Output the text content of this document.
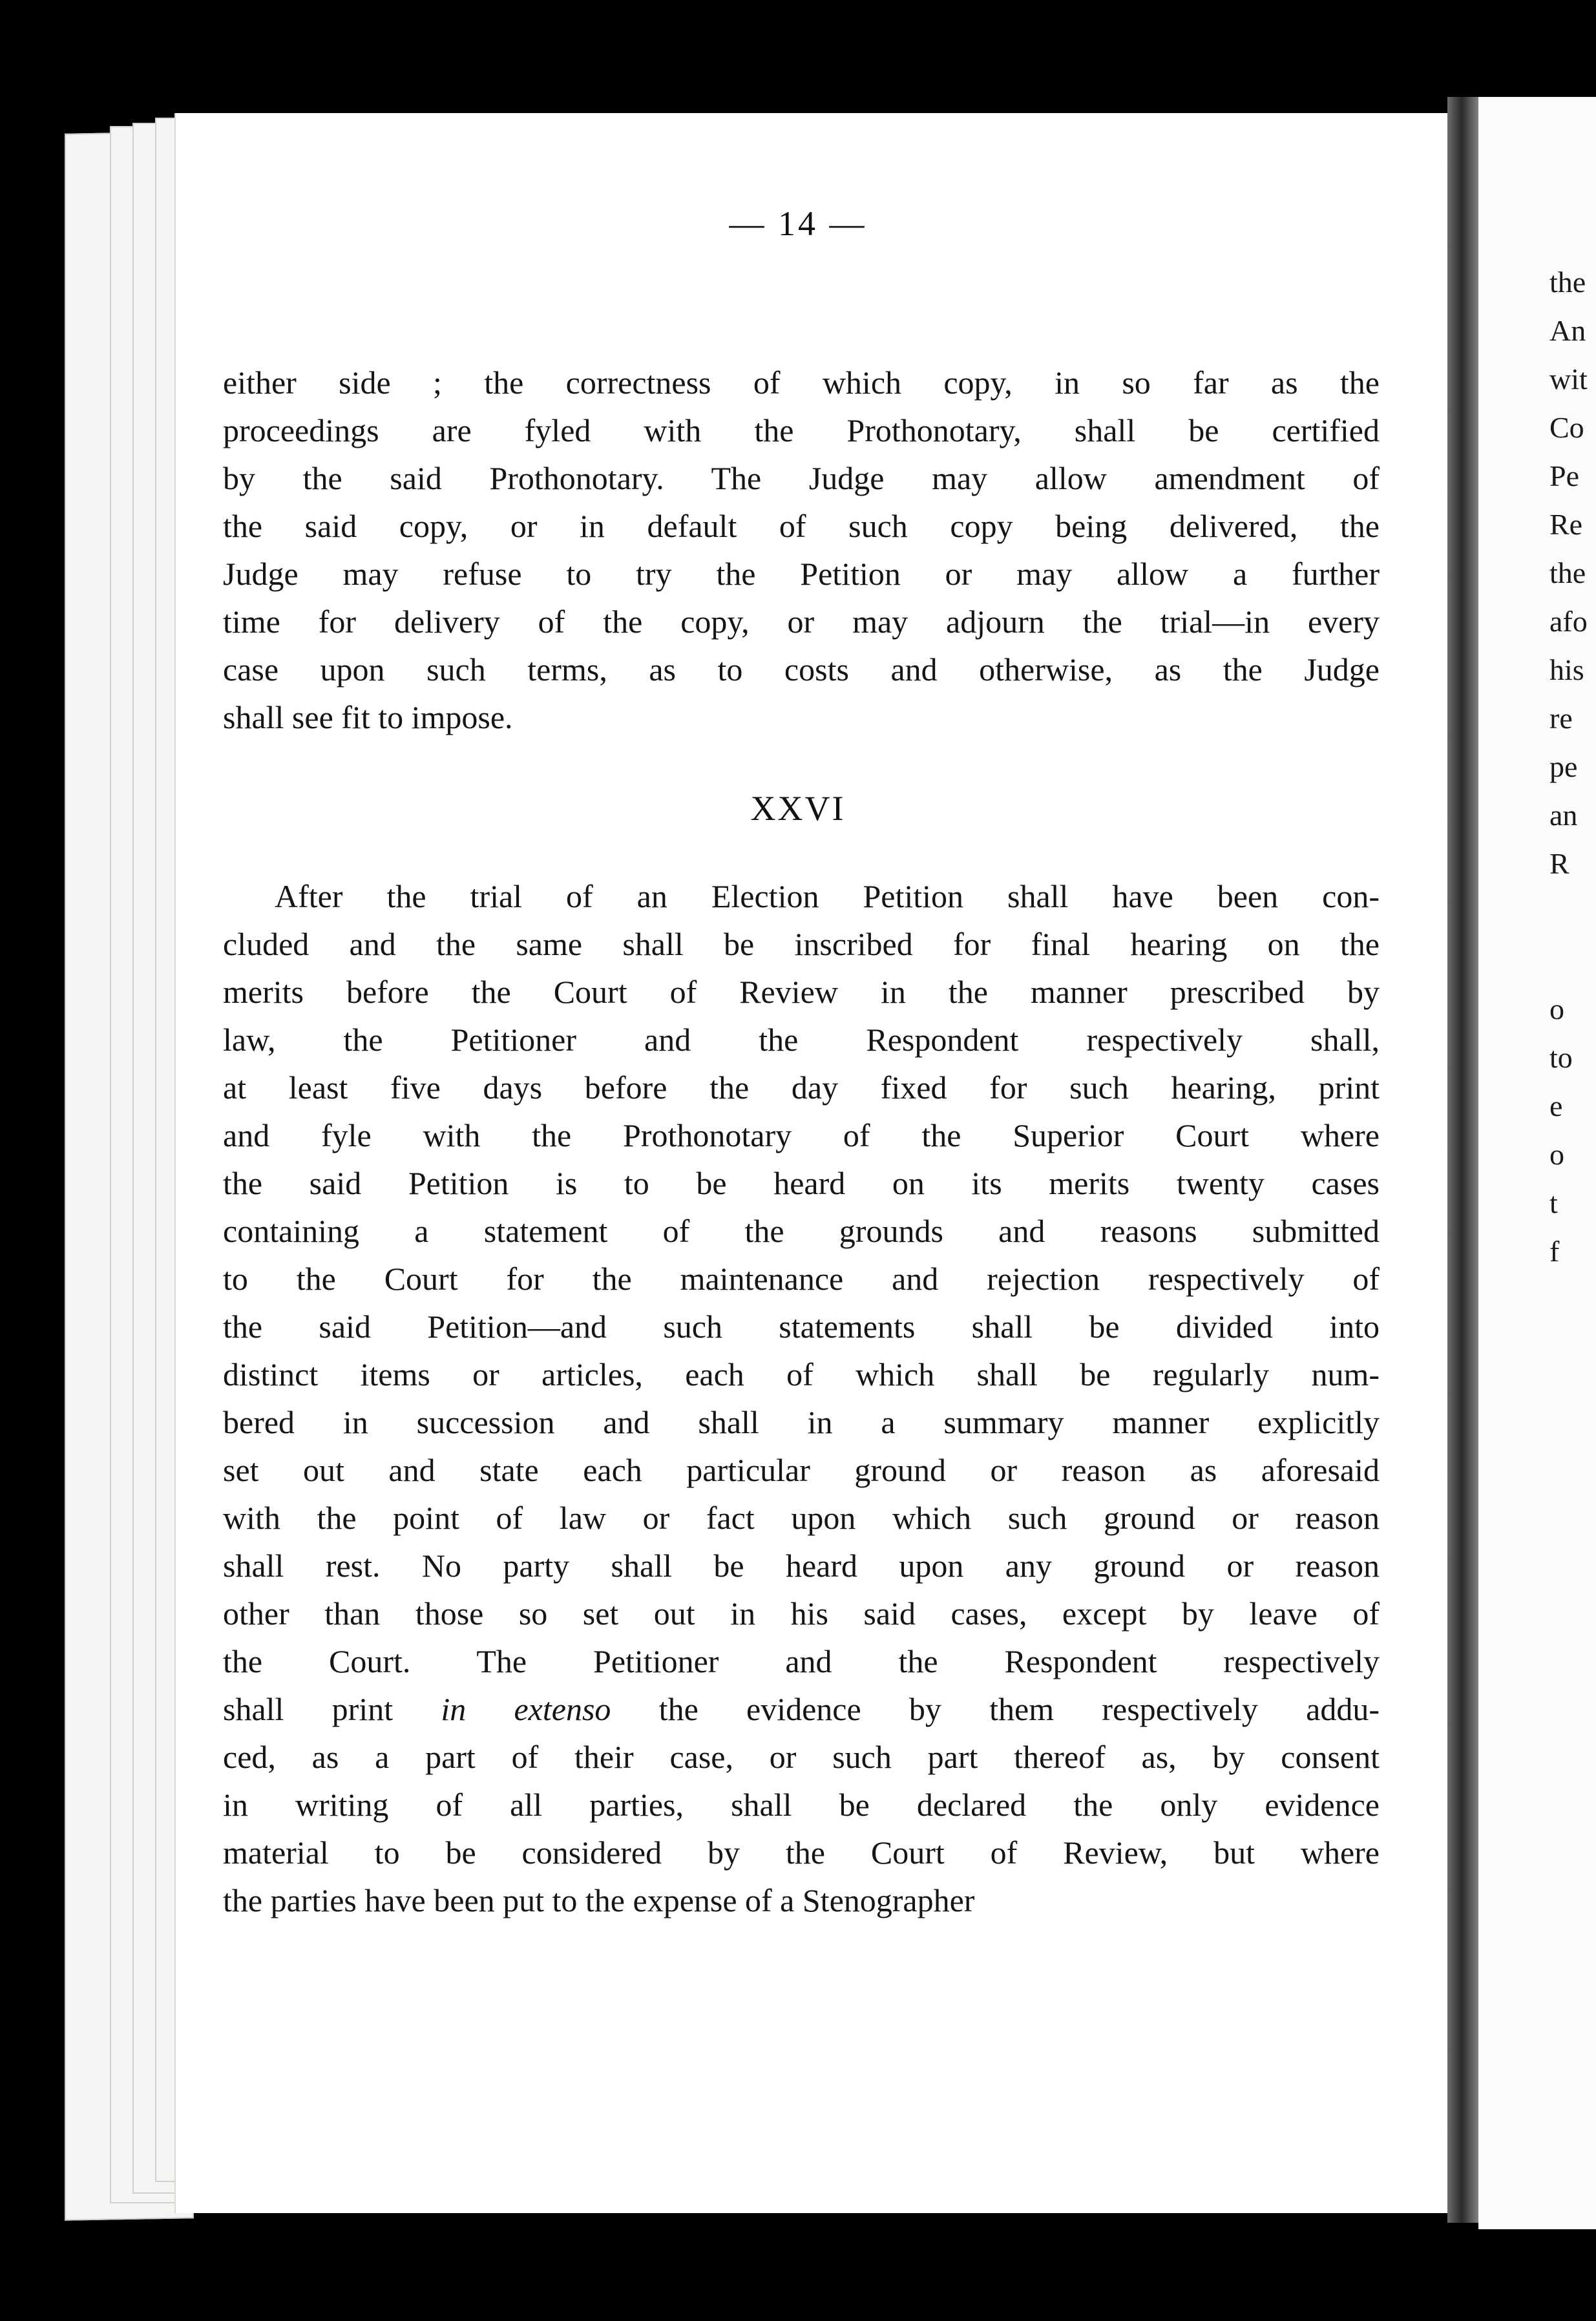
the
An
wit
Co
Pe
Re
the
afo
his
re
pe
an
R
o
to
e
o
t
f
— 14 —
either side ; the correctness of which copy, in so far as the
proceedings are fyled with the Prothonotary, shall be certified
by the said Prothonotary. The Judge may allow amendment of
the said copy, or in default of such copy being delivered, the
Judge may refuse to try the Petition or may allow a further
time for delivery of the copy, or may adjourn the trial—in every
case upon such terms, as to costs and otherwise, as the Judge
shall see fit to impose.
XXVI
After the trial of an Election Petition shall have been con-
cluded and the same shall be inscribed for final hearing on the
merits before the Court of Review in the manner prescribed by
law, the Petitioner and the Respondent respectively shall,
at least five days before the day fixed for such hearing, print
and fyle with the Prothonotary of the Superior Court where
the said Petition is to be heard on its merits twenty cases
containing a statement of the grounds and reasons submitted
to the Court for the maintenance and rejection respectively of
the said Petition—and such statements shall be divided into
distinct items or articles, each of which shall be regularly num-
bered in succession and shall in a summary manner explicitly
set out and state each particular ground or reason as aforesaid
with the point of law or fact upon which such ground or reason
shall rest. No party shall be heard upon any ground or reason
other than those so set out in his said cases, except by leave of
the Court. The Petitioner and the Respondent respectively
shall print in extenso the evidence by them respectively addu-
ced, as a part of their case, or such part thereof as, by consent
in writing of all parties, shall be declared the only evidence
material to be considered by the Court of Review, but where
the parties have been put to the expense of a Stenographer
